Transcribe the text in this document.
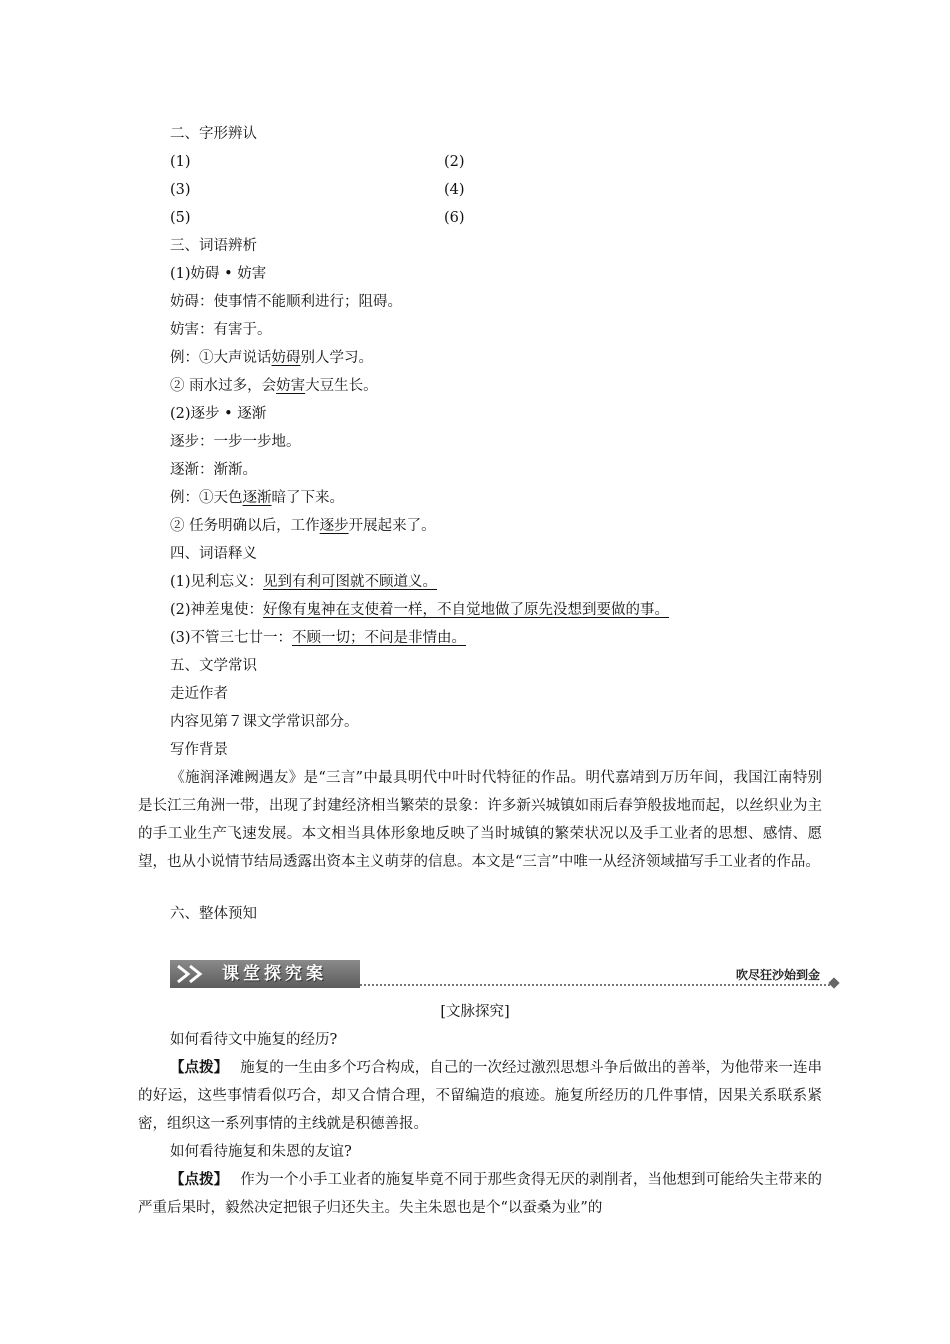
二、字形辨认
(1)	(2)
(3)	(4)
(5)	(6)
三、词语辨析
(1)妨碍 • 妨害
妨碍：使事情不能顺利进行；阻碍。
妨害：有害于。
例：①大声说话妨碍别人学习。
② 雨水过多，会妨害大豆生长。
(2)逐步 • 逐渐
逐步：一步一步地。
逐渐：渐渐。
例：①天色逐渐暗了下来。
② 任务明确以后，工作逐步开展起来了。
四、词语释义
(1)见利忘义：见到有利可图就不顾道义。
(2)神差鬼使：好像有鬼神在支使着一样，不自觉地做了原先没想到要做的事。
(3)不管三七廿一：不顾一切；不问是非情由。
五、文学常识
走近作者
内容见第７课文学常识部分。
写作背景
《施润泽滩阙遇友》是“三言”中最具明代中叶时代特征的作品。明代嘉靖到万历年间，我国江南特别是长江三角洲一带，出现了封建经济相当繁荣的景象：许多新兴城镇如雨后春笋般拔地而起，以丝织业为主的手工业生产飞速发展。本文相当具体形象地反映了当时城镇的繁荣状况以及手工业者的思想、感情、愿望，也从小说情节结局透露出资本主义萌芽的信息。本文是“三言”中唯一从经济领域描写手工业者的作品。
六、整体预知
课堂探究案	吹尽狂沙始到金
[文脉探究]
如何看待文中施复的经历?
【点拨】 施复的一生由多个巧合构成，自己的一次经过激烈思想斗争后做出的善举，为他带来一连串的好运，这些事情看似巧合，却又合情合理，不留编造的痕迹。施复所经历的几件事情，因果关系联系紧密，组织这一系列事情的主线就是积德善报。
如何看待施复和朱恩的友谊?
【点拨】 作为一个小手工业者的施复毕竟不同于那些贪得无厌的剥削者，当他想到可能给失主带来的严重后果时，毅然决定把银子归还失主。失主朱恩也是个“以蚕桑为业”的
